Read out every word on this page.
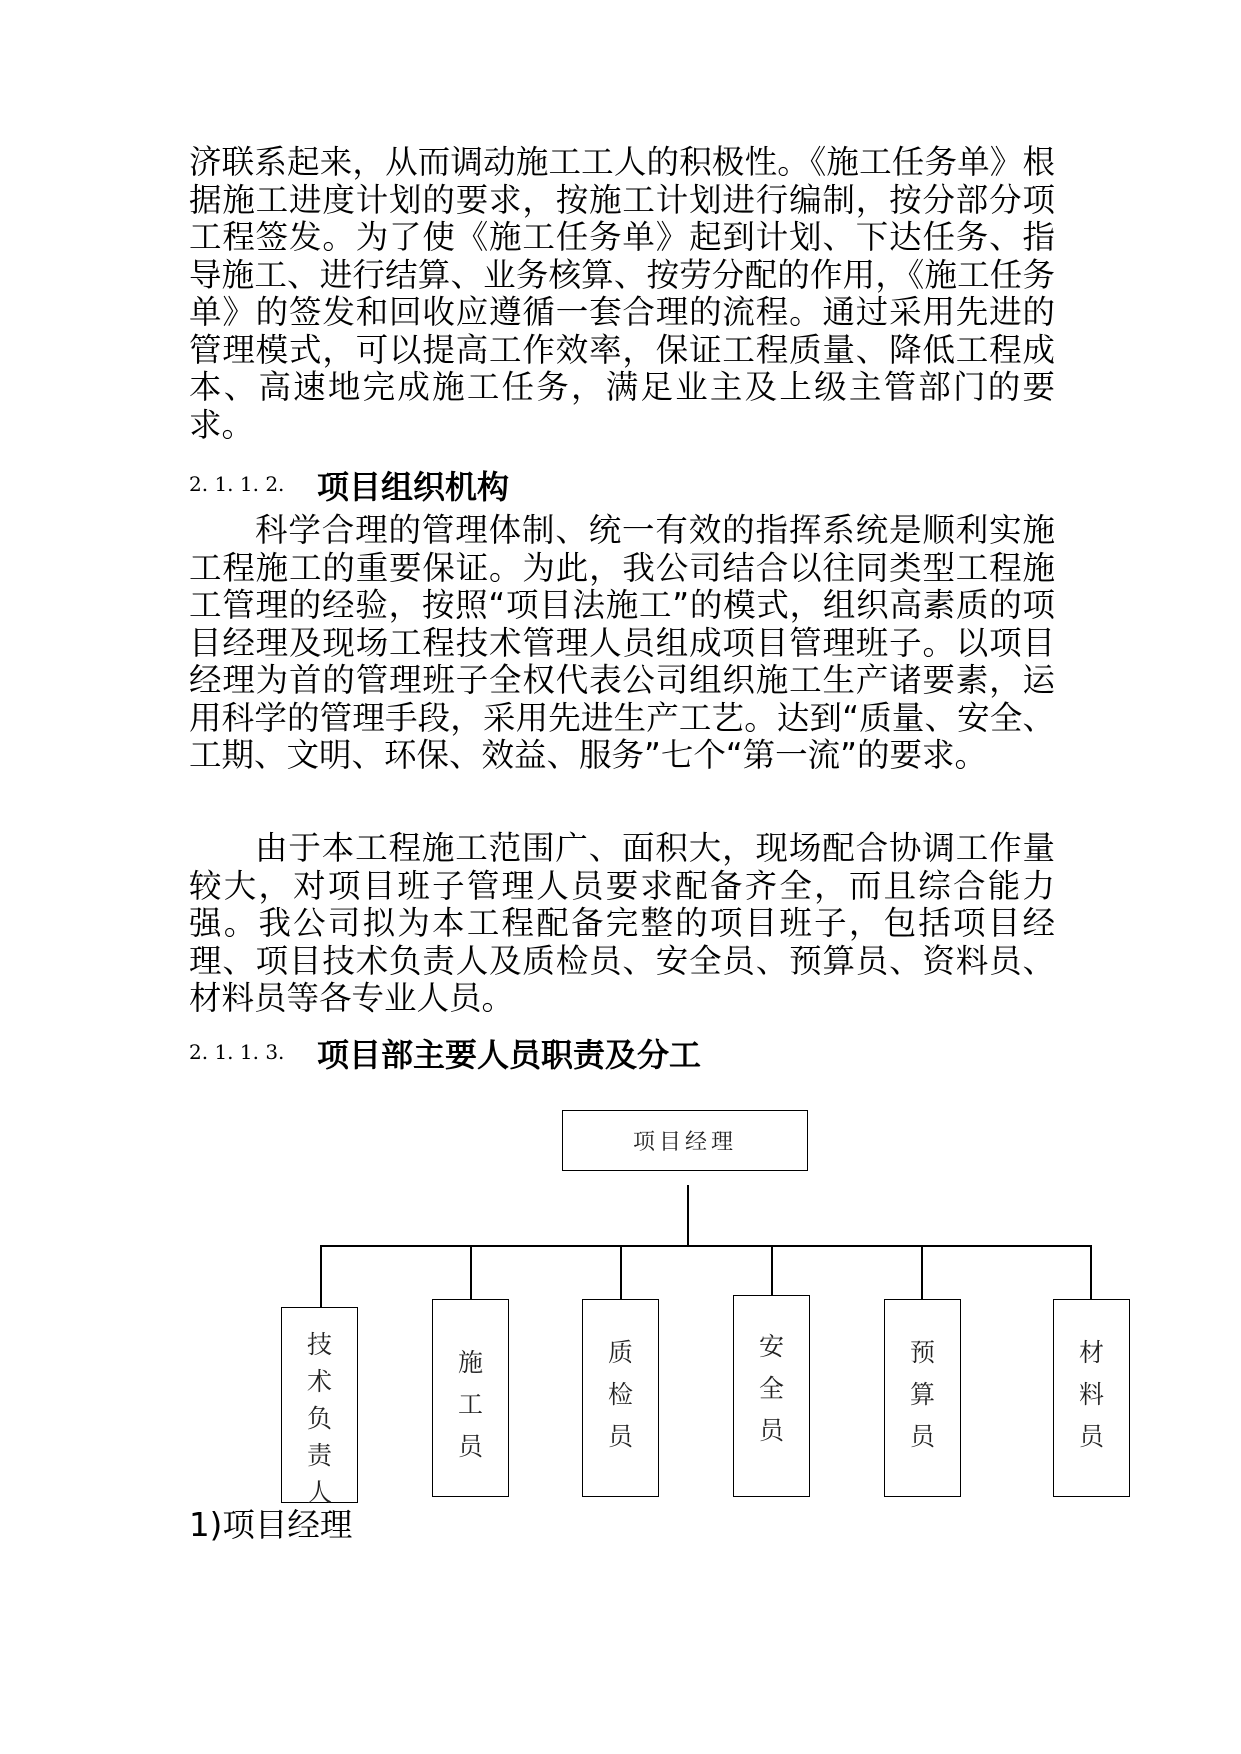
济联系起来，从而调动施工工人的积极性。《施工任务单》根据施工进度计划的要求，按施工计划进行编制，按分部分项工程签发。为了使《施工任务单》起到计划、下达任务、指导施工、进行结算、业务核算、按劳分配的作用，《施工任务单》的签发和回收应遵循一套合理的流程。通过采用先进的管理模式，可以提高工作效率，保证工程质量、降低工程成本、高速地完成施工任务，满足业主及上级主管部门的要求。

2. 1. 1. 2. 项目组织机构

科学合理的管理体制、统一有效的指挥系统是顺利实施工程施工的重要保证。为此，我公司结合以往同类型工程施工管理的经验，按照“项目法施工”的模式，组织高素质的项目经理及现场工程技术管理人员组成项目管理班子。以项目经理为首的管理班子全权代表公司组织施工生产诸要素，运用科学的管理手段，采用先进生产工艺。达到“质量、安全、工期、文明、环保、效益、服务”七个“第一流”的要求。

由于本工程施工范围广、面积大，现场配合协调工作量较大，对项目班子管理人员要求配备齐全，而且综合能力强。我公司拟为本工程配备完整的项目班子，包括项目经理、项目技术负责人及质检员、安全员、预算员、资料员、材料员等各专业人员。

2. 1. 1. 3. 项目部主要人员职责及分工
项目经理
技术负责人
施工员
质检员
安全员
预算员
材料员
1)项目经理
